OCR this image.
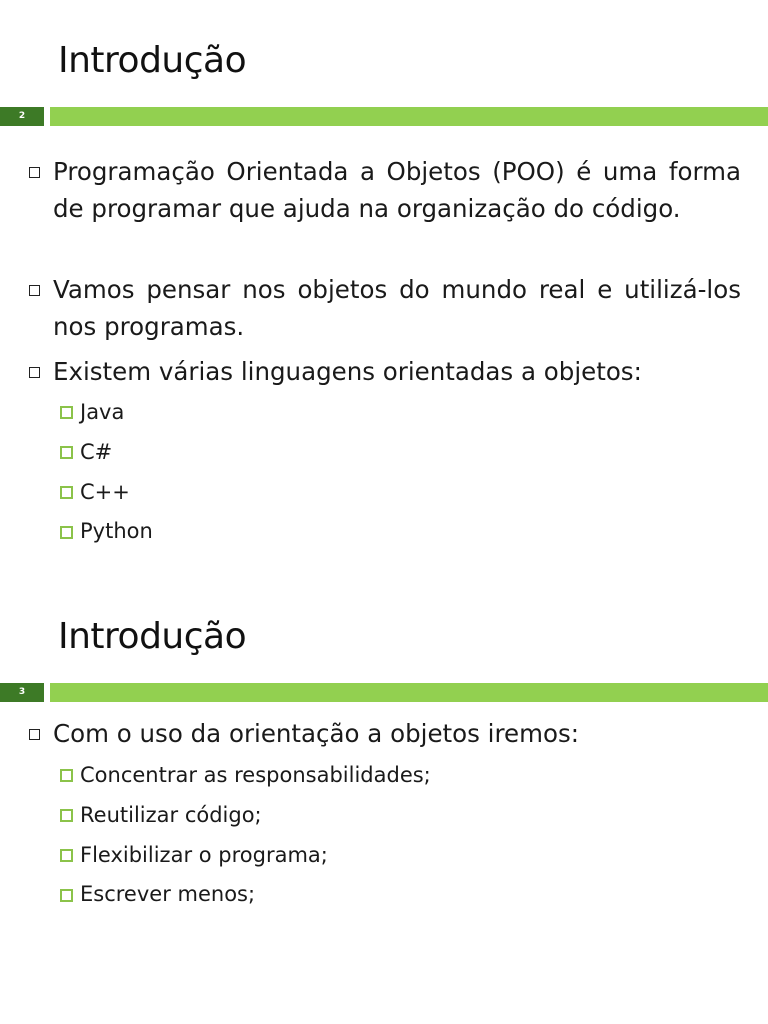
Introdução
2
Programação Orientada a Objetos (POO) é uma forma de programar que ajuda na organização do código.
Vamos pensar nos objetos do mundo real e utilizá-los nos programas.
Existem várias linguagens orientadas a objetos:
Java
C#
C++
Python
Introdução
3
Com o uso da orientação a objetos iremos:
Concentrar as responsabilidades;
Reutilizar código;
Flexibilizar o programa;
Escrever menos;
